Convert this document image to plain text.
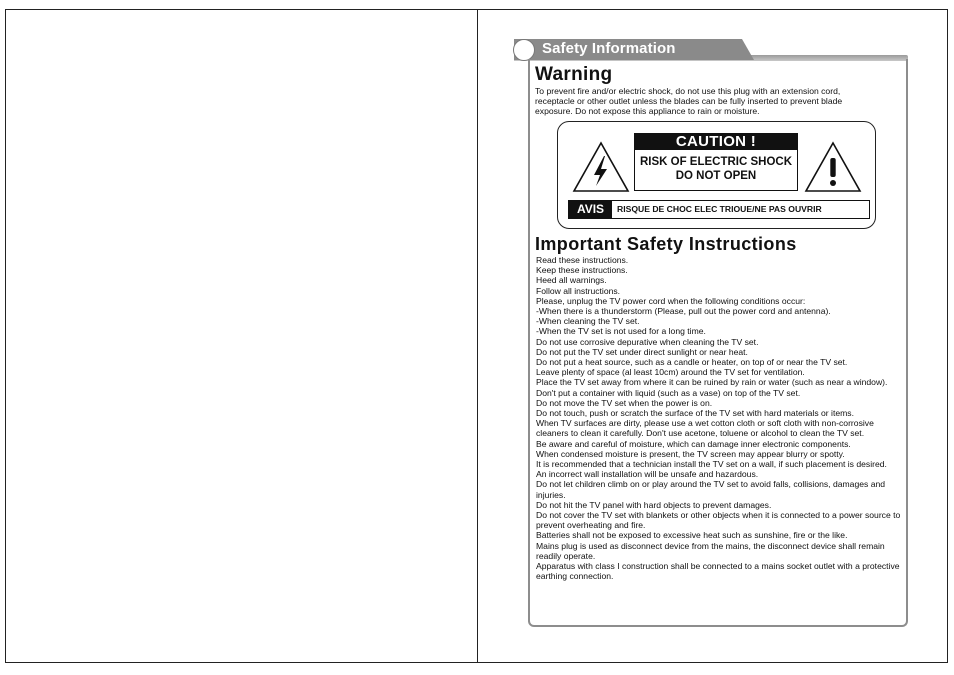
Safety Information
Warning

To prevent fire and/or electric shock, do not use this plug with an extension cord, receptacle or other outlet unless the blades can be fully inserted to prevent blade exposure. Do not expose this appliance to rain or moisture.

CAUTION !
RISK OF ELECTRIC SHOCK
DO NOT OPEN
AVIS	RISQUE DE CHOC ELEC TRIOUE/NE PAS OUVRIR
Important Safety Instructions
Read these instructions.
Keep these instructions.
Heed all warnings.
Follow all instructions.
Please, unplug the TV power cord when the following conditions occur:
-When there is a thunderstorm (Please, pull out the power cord and antenna).
-When cleaning the TV set.
-When the TV set is not used for a long time.
Do not use corrosive depurative when cleaning the TV set.
Do not put the TV set under direct sunlight or near heat.
Do not put a heat source, such as a candle or heater, on top of or near the TV set.
Leave plenty of space (al least 10cm) around the TV set for ventilation.
Place the TV set away from where it can be ruined by rain or water (such as near a window).
Don't put a container with liquid (such as a vase) on top of the TV set.
Do not move the TV set when the power is on.
Do not touch, push or scratch the surface of the TV set with hard materials or items.
When TV surfaces are dirty, please use a wet cotton cloth or soft cloth with non-corrosive cleaners to clean it carefully. Don't use acetone, toluene or alcohol to clean the TV set.
Be aware and careful of moisture, which can damage inner electronic components.
When condensed moisture is present, the TV screen may appear blurry or spotty.
It is recommended that a technician install the TV set on a wall, if such placement is desired.
An incorrect wall installation will be unsafe and hazardous.
Do not let children climb on or play around the TV set to avoid falls, collisions, damages and injuries.
Do not hit the TV panel with hard objects to prevent damages.
Do not cover the TV set with blankets or other objects when it is connected to a power source to prevent overheating and fire.
Batteries shall not be exposed to excessive heat such as sunshine, fire or the like.
Mains plug is used as disconnect device from the mains, the disconnect device shall remain readily operate.
Apparatus with class I construction shall be connected to a mains socket outlet with a protective earthing connection.
